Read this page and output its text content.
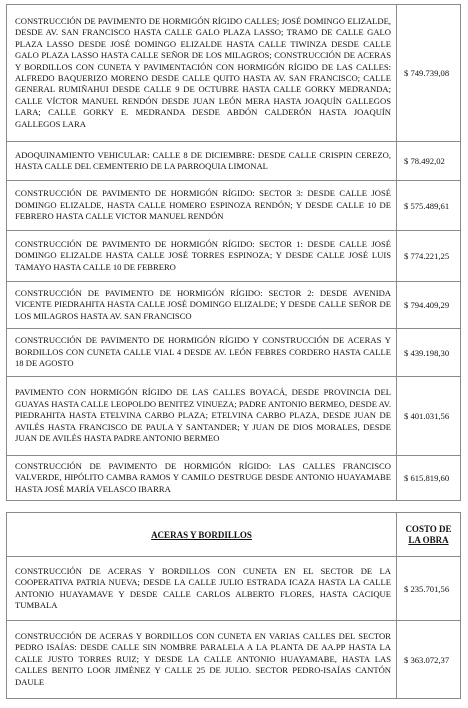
CONSTRUCCIÓN DE PAVIMENTO DE HORMIGÓN RÍGIDO CALLES; JOSÉ DOMINGO ELIZALDE, DESDE AV. SAN FRANCISCO HASTA CALLE GALO PLAZA LASSO; TRAMO DE CALLE GALO PLAZA LASSO DESDE JOSÉ DOMINGO ELIZALDE HASTA CALLE TIWINZA DESDE CALLE GALO PLAZA LASSO HASTA CALLE SEÑOR DE LOS MILAGROS; CONSTRUCCIÓN DE ACERAS Y BORDILLOS CON CUNETA Y PAVIMENTACIÓN CON HORMIGÓN RÍGIDO DE LAS CALLES: ALFREDO BAQUERIZO MORENO DESDE CALLE QUITO HASTA AV. SAN FRANCISCO; CALLE GENERAL RUMIÑAHUI DESDE CALLE 9 DE OCTUBRE HASTA CALLE GORKY MEDRANDA; CALLE VÍCTOR MANUEL RENDÓN DESDE JUAN LEÓN MERA HASTA JOAQUÍN GALLEGOS LARA; CALLE GORKY E. MEDRANDA DESDE ABDÓN CALDERÓN HASTA JOAQUÍN GALLEGOS LARA	$ 749.739,08
ADOQUINAMIENTO VEHICULAR: CALLE 8 DE DICIEMBRE: DESDE CALLE CRISPIN CEREZO, HASTA CALLE DEL CEMENTERIO DE LA PARROQUIA LIMONAL	$ 78.492,02
CONSTRUCCIÓN DE PAVIMENTO DE HORMIGÓN RÍGIDO: SECTOR 3: DESDE CALLE JOSÉ DOMINGO ELIZALDE, HASTA CALLE HOMERO ESPINOZA RENDÓN; Y DESDE CALLE 10 DE FEBRERO HASTA CALLE VICTOR MANUEL RENDÓN	$ 575.489,61
CONSTRUCCIÓN DE PAVIMENTO DE HORMIGÓN RÍGIDO: SECTOR 1: DESDE CALLE JOSÉ DOMINGO ELIZALDE HASTA CALLE JOSÉ TORRES ESPINOZA; Y DESDE CALLE JOSÉ LUIS TAMAYO HASTA CALLE 10 DE FEBRERO	$ 774.221,25
CONSTRUCCIÓN DE PAVIMENTO DE HORMIGÓN RÍGIDO: SECTOR 2: DESDE AVENIDA VICENTE PIEDRAHITA HASTA CALLE JOSÉ DOMINGO ELIZALDE; Y DESDE CALLE SEÑOR DE LOS MILAGROS HASTA AV. SAN FRANCISCO	$ 794.409,29
CONSTRUCCIÓN DE PAVIMENTO DE HORMIGÓN RÍGIDO Y CONSTRUCCIÓN DE ACERAS Y BORDILLOS CON CUNETA CALLE VIAL 4 DESDE AV. LEÓN FEBRES CORDERO HASTA CALLE 18 DE AGOSTO	$ 439.198,30
PAVIMENTO CON HORMIGÓN RÍGIDO DE LAS CALLES BOYACÁ, DESDE PROVINCIA DEL GUAYAS HASTA CALLE LEOPOLDO BENITEZ VINUEZA; PADRE ANTONIO BERMEO, DESDE AV. PIEDRAHITA HASTA ETELVINA CARBO PLAZA; ETELVINA CARBO PLAZA, DESDE JUAN DE AVILÉS HASTA FRANCISCO DE PAULA Y SANTANDER; Y JUAN DE DIOS MORALES, DESDE JUAN DE AVILÉS HASTA PADRE ANTONIO BERMEO	$ 401.031,56
CONSTRUCCIÓN DE PAVIMENTO DE HORMIGÓN RÍGIDO: LAS CALLES FRANCISCO VALVERDE, HIPÓLITO CAMBA RAMOS Y CAMILO DESTRUGE DESDE ANTONIO HUAYAMABE HASTA JOSÉ MARÍA VELASCO IBARRA	$ 615.819,60
ACERAS Y BORDILLOS	COSTO DE
LA OBRA

CONSTRUCCIÓN DE ACERAS Y BORDILLOS CON CUNETA EN EL SECTOR DE LA COOPERATIVA PATRIA NUEVA; DESDE LA CALLE JULIO ESTRADA ICAZA HASTA LA CALLE ANTONIO HUAYAMAVE Y DESDE CALLE CARLOS ALBERTO FLORES, HASTA CACIQUE TUMBALA	$ 235.701,56
CONSTRUCCIÓN DE ACERAS Y BORDILLOS CON CUNETA EN VARIAS CALLES DEL SECTOR PEDRO ISAÍAS: DESDE CALLE SIN NOMBRE PARALELA A LA PLANTA DE AA.PP HASTA LA CALLE JUSTO TORRES RUIZ; Y DESDE LA CALLE ANTONIO HUAYAMABE, HASTA LAS CALLES BENITO LOOR JIMÉNEZ Y CALLE 25 DE JULIO. SECTOR PEDRO-ISAÍAS CANTÓN DAULE	$ 363.072,37
